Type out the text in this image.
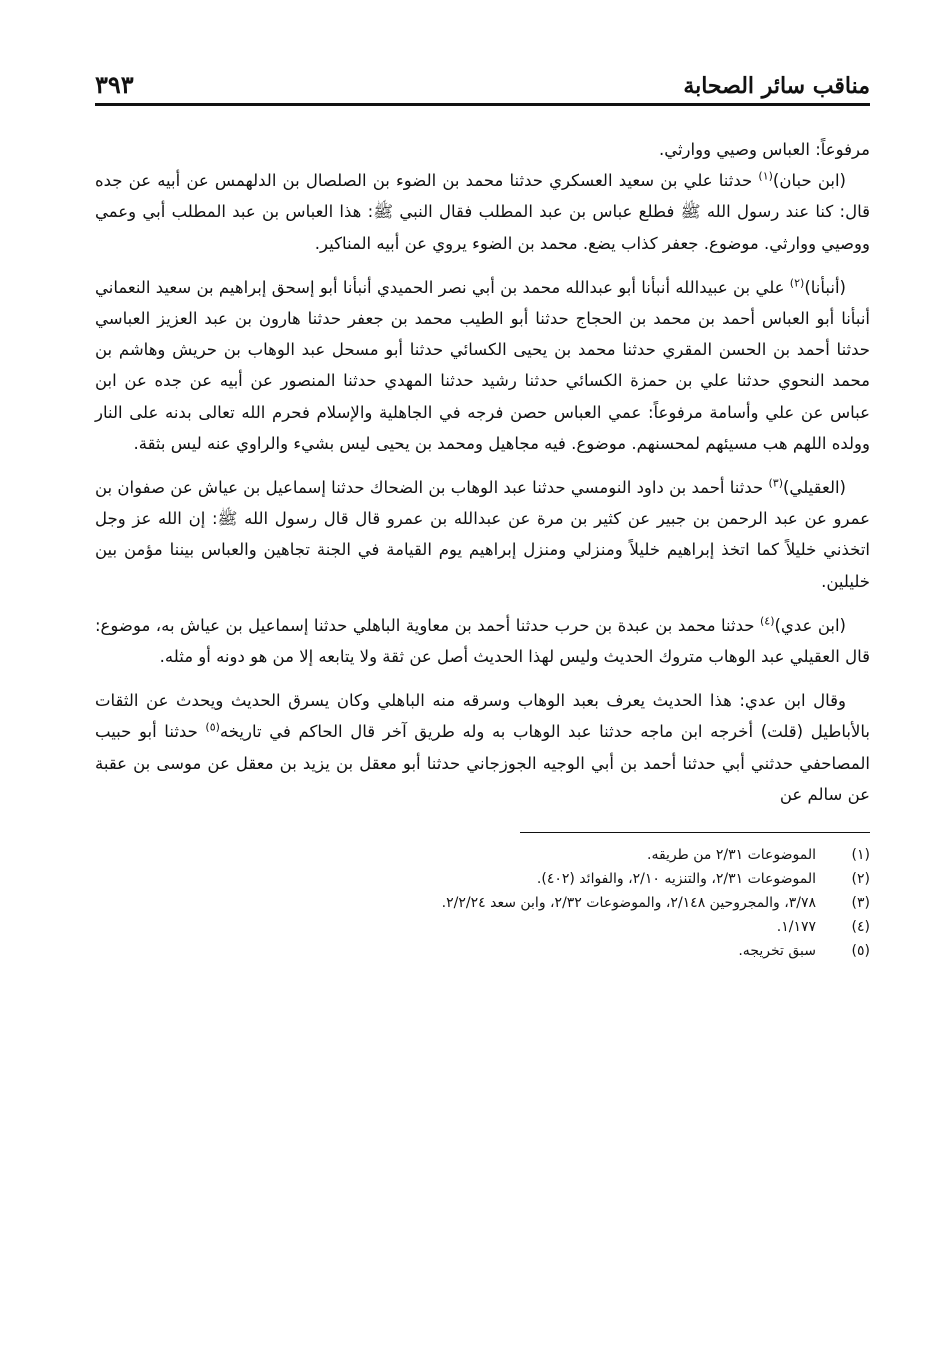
مناقب سائر الصحابة
٣٩٣

مرفوعاً: العباس وصيي ووارثي.

(ابن حبان)$^{(١)}$ حدثنا علي بن سعيد العسكري حدثنا محمد بن الضوء بن الصلصال بن الدلهمس عن أبيه عن جده قال: كنا عند رسول الله ﷺ فطلع عباس بن عبد المطلب فقال النبي ﷺ: هذا العباس بن عبد المطلب أبي وعمي ووصيي ووارثي. موضوع. جعفر كذاب يضع. محمد بن الضوء يروي عن أبيه المناكير.

(أنبأنا)$^{(٢)}$ علي بن عبيدالله أنبأنا أبو عبدالله محمد بن أبي نصر الحميدي أنبأنا أبو إسحق إبراهيم بن سعيد النعماني أنبأنا أبو العباس أحمد بن محمد بن الحجاج حدثنا أبو الطيب محمد بن جعفر حدثنا هارون بن عبد العزيز العباسي حدثنا أحمد بن الحسن المقري حدثنا محمد بن يحيى الكسائي حدثنا أبو مسحل عبد الوهاب بن حريش وهاشم بن محمد النحوي حدثنا علي بن حمزة الكسائي حدثنا رشيد حدثنا المهدي حدثنا المنصور عن أبيه عن جده عن ابن عباس عن علي وأسامة مرفوعاً: عمي العباس حصن فرجه في الجاهلية والإسلام فحرم الله تعالى بدنه على النار وولده اللهم هب مسيئهم لمحسنهم. موضوع. فيه مجاهيل ومحمد بن يحيى ليس بشيء والراوي عنه ليس بثقة.

(العقيلي)$^{(٣)}$ حدثنا أحمد بن داود النومسي حدثنا عبد الوهاب بن الضحاك حدثنا إسماعيل بن عياش عن صفوان بن عمرو عن عبد الرحمن بن جبير عن كثير بن مرة عن عبدالله بن عمرو قال قال رسول الله ﷺ: إن الله عز وجل اتخذني خليلاً كما اتخذ إبراهيم خليلاً ومنزلي ومنزل إبراهيم يوم القيامة في الجنة تجاهين والعباس بيننا مؤمن بين خليلين.

(ابن عدي)$^{(٤)}$ حدثنا محمد بن عبدة بن حرب حدثنا أحمد بن معاوية الباهلي حدثنا إسماعيل بن عياش به، موضوع: قال العقيلي عبد الوهاب متروك الحديث وليس لهذا الحديث أصل عن ثقة ولا يتابعه إلا من هو دونه أو مثله.

وقال ابن عدي: هذا الحديث يعرف بعبد الوهاب وسرقه منه الباهلي وكان يسرق الحديث ويحدث عن الثقات بالأباطيل (قلت) أخرجه ابن ماجه حدثنا عبد الوهاب به وله طريق آخر قال الحاكم في تاريخه$^{(٥)}$ حدثنا أبو حبيب المصاحفي حدثني أبي حدثنا أحمد بن أبي الوجيه الجوزجاني حدثنا أبو معقل بن يزيد بن معقل عن موسى بن عقبة عن سالم عن

(١)
الموضوعات ٢/٣١ من طريقه.
(٢)
الموضوعات ٢/٣١، والتنزيه ٢/١٠، والفوائد (٤٠٢).
(٣)
٣/٧٨، والمجروحين ٢/١٤٨، والموضوعات ٢/٣٢، وابن سعد ٢/٢/٢٤.
(٤)
١/١٧٧.
(٥)
سبق تخريجه.
